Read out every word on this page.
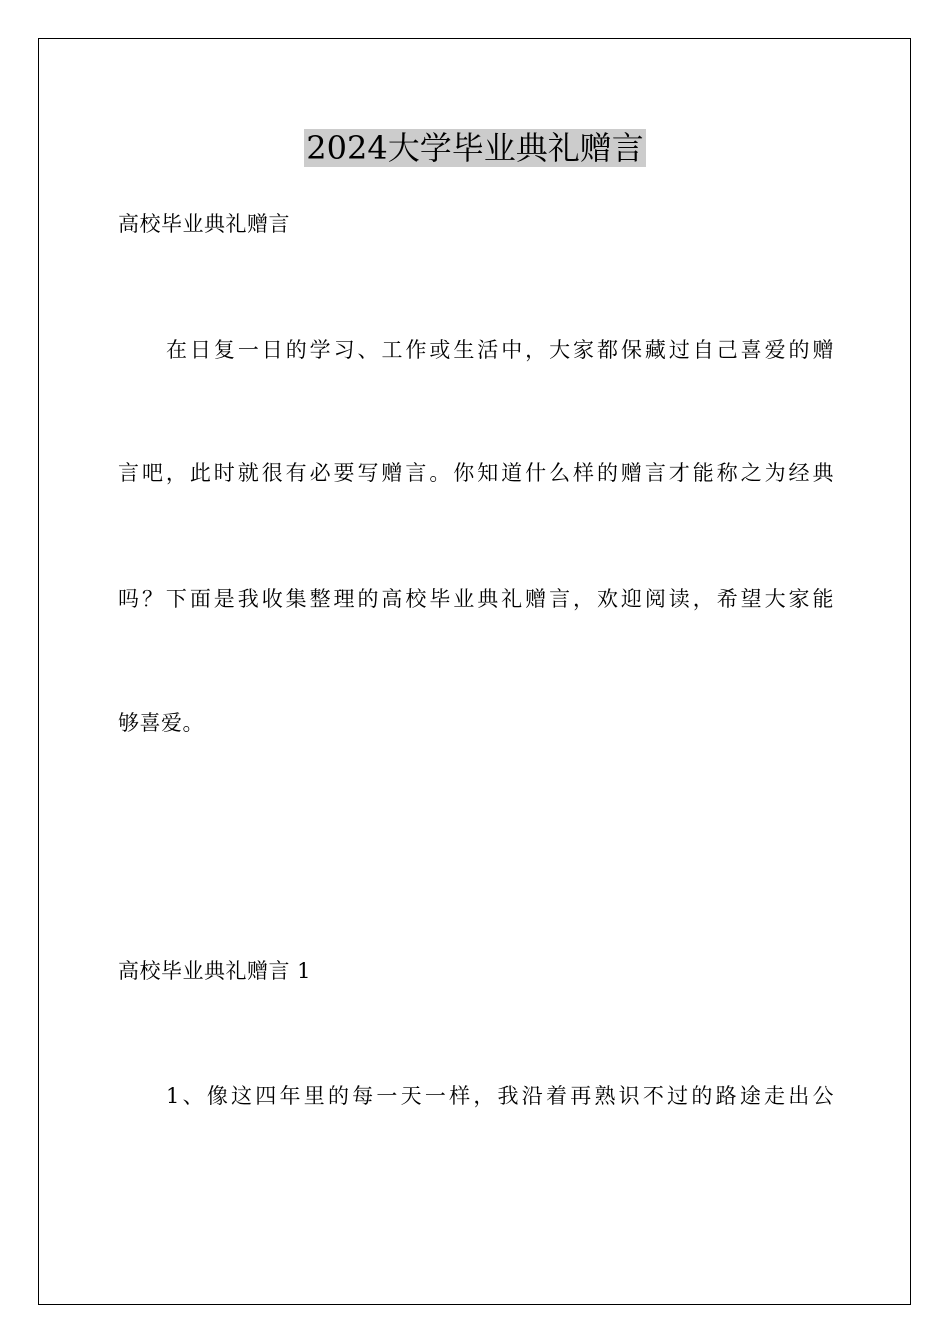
2024大学毕业典礼赠言

高校毕业典礼赠言

在日复一日的学习、工作或生活中，大家都保藏过自己喜爱的赠

言吧，此时就很有必要写赠言。你知道什么样的赠言才能称之为经典

吗？下面是我收集整理的高校毕业典礼赠言，欢迎阅读，希望大家能

够喜爱。

高校毕业典礼赠言 1

1、像这四年里的每一天一样，我沿着再熟识不过的路途走出公
